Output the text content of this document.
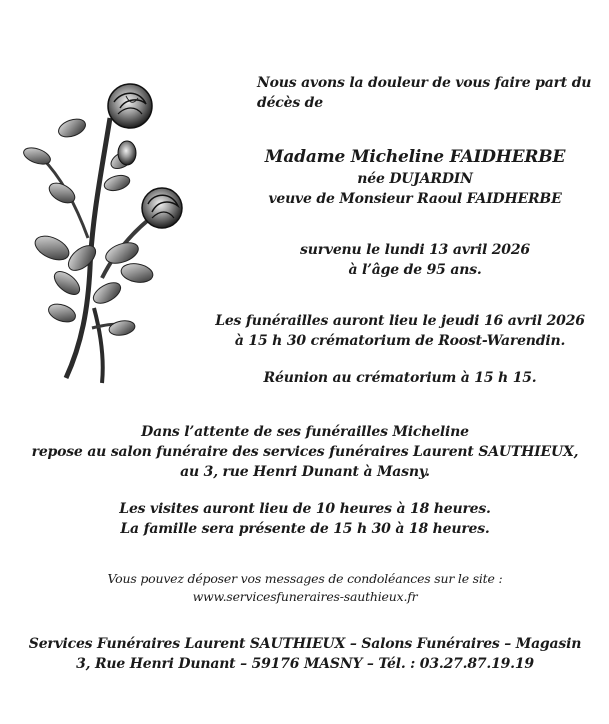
Nous avons la douleur de vous faire part du
décès de
Madame Micheline FAIDHERBE
née DUJARDIN
veuve de Monsieur Raoul FAIDHERBE
survenu le lundi 13 avril 2026
à l’âge de 95 ans.
Les funérailles auront lieu le jeudi 16 avril 2026
à 15 h 30 crématorium de Roost-Warendin.
Réunion au crématorium à 15 h 15.
Dans l’attente de ses funérailles Micheline
repose au salon funéraire des services funéraires Laurent SAUTHIEUX,
au 3, rue Henri Dunant à Masny.
Les visites auront lieu de 10 heures à 18 heures.
La famille sera présente de 15 h 30 à 18 heures.
Vous pouvez déposer vos messages de condoléances sur le site :
www.servicesfuneraires-sauthieux.fr
Services Funéraires Laurent SAUTHIEUX – Salons Funéraires – Magasin
3, Rue Henri Dunant – 59176 MASNY – Tél. : 03.27.87.19.19
